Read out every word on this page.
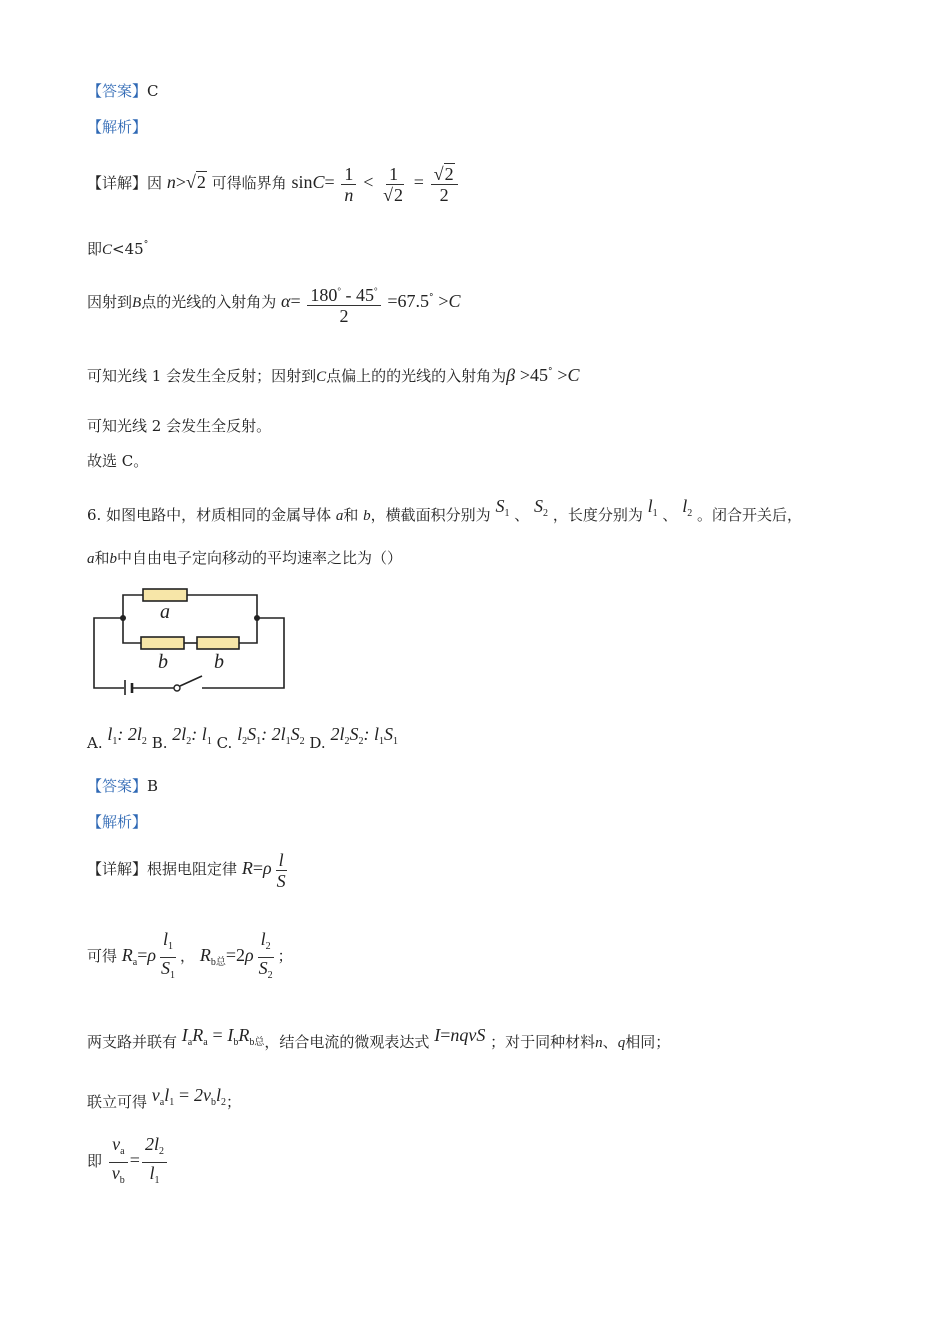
【答案】C
【解析】
【详解】因 n>√2 可得临界角 $\sin C= \frac{1}{n} < \frac{1}{√2} = \frac{√2}{2}$
即C<45°
因射到B点的光线的入射角为 $\alpha= \frac{180^\circ - 45^\circ}{2} =67.5^\circ >C$
可知光线 1 会发生全反射；因射到C点偏上的的光线的入射角为β >45° >C
可知光线 2 会发生全反射。
故选 C。
6. 如图电路中，材质相同的金属导体 a和 b，横截面积分别为 $S_1$ 、 $S_2$ ，长度分别为 $l_1$ 、 $l_2$ 。闭合开关后，
a和b中自由电子定向移动的平均速率之比为（）
a
b b
A. $l_1$: $2l_2$ B. $2l_2$: $l_1$ C. $l_2S_1$: $2l_1S_2$ D. $2l_2S_2$: $l_1S_1$
【答案】B
【解析】
【详解】根据电阻定律 $R=\rho \frac{l}{S}$
可得 $R_a=\rho \frac{l_1}{S_1}$ ， $R_{b总}=2\rho \frac{l_2}{S_2}$ ；
两支路并联有 $I_aR_a = I_bR_{b总}$，结合电流的微观表达式 I=nqvS ；对于同种材料n、q相同；
联立可得 $v_al_1 = 2v_bl_2$；
即 $\frac{v_a}{v_b} = \frac{2l_2}{l_1}$
